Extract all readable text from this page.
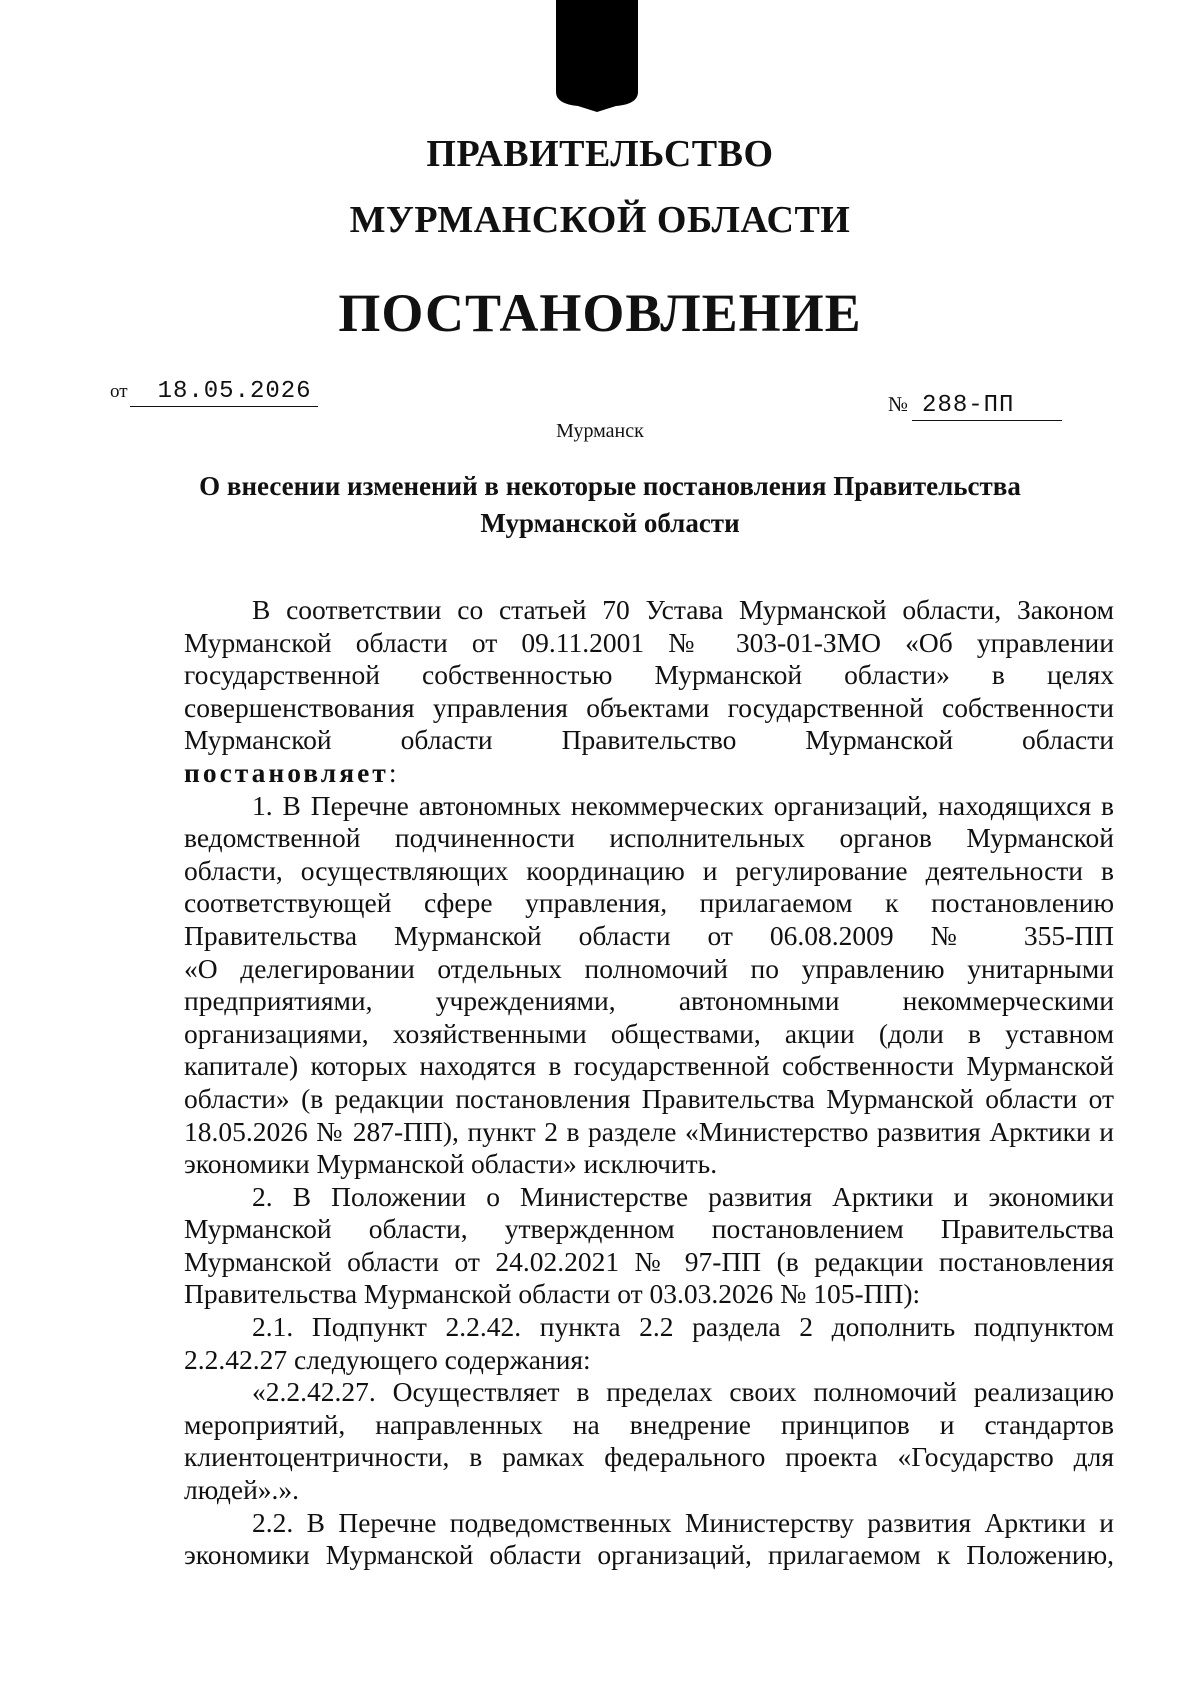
ПРАВИТЕЛЬСТВО
МУРМАНСКОЙ ОБЛАСТИ
ПОСТАНОВЛЕНИЕ
от 18.05.2026	№ 288-ПП
Мурманск
О внесении изменений в некоторые постановления Правительства
Мурманской области
В соответствии со статьей 70 Устава Мурманской области, Законом
Мурманской области от 09.11.2001 № 303-01-ЗМО «Об управлении
государственной собственностью Мурманской области» в целях
совершенствования управления объектами государственной собственности
Мурманской области Правительство Мурманской области
постановляет:
1. В Перечне автономных некоммерческих организаций, находящихся в
ведомственной подчиненности исполнительных органов Мурманской
области, осуществляющих координацию и регулирование деятельности в
соответствующей сфере управления, прилагаемом к постановлению
Правительства Мурманской области от 06.08.2009 № 355-ПП
«О делегировании отдельных полномочий по управлению унитарными
предприятиями, учреждениями, автономными некоммерческими
организациями, хозяйственными обществами, акции (доли в уставном
капитале) которых находятся в государственной собственности Мурманской
области» (в редакции постановления Правительства Мурманской области от
18.05.2026 № 287-ПП), пункт 2 в разделе «Министерство развития Арктики и
экономики Мурманской области» исключить.
2. В Положении о Министерстве развития Арктики и экономики
Мурманской области, утвержденном постановлением Правительства
Мурманской области от 24.02.2021 № 97-ПП (в редакции постановления
Правительства Мурманской области от 03.03.2026 № 105-ПП):
2.1. Подпункт 2.2.42. пункта 2.2 раздела 2 дополнить подпунктом
2.2.42.27 следующего содержания:
«2.2.42.27. Осуществляет в пределах своих полномочий реализацию
мероприятий, направленных на внедрение принципов и стандартов
клиентоцентричности, в рамках федерального проекта «Государство для
людей».».
2.2. В Перечне подведомственных Министерству развития Арктики и
экономики Мурманской области организаций, прилагаемом к Положению,
